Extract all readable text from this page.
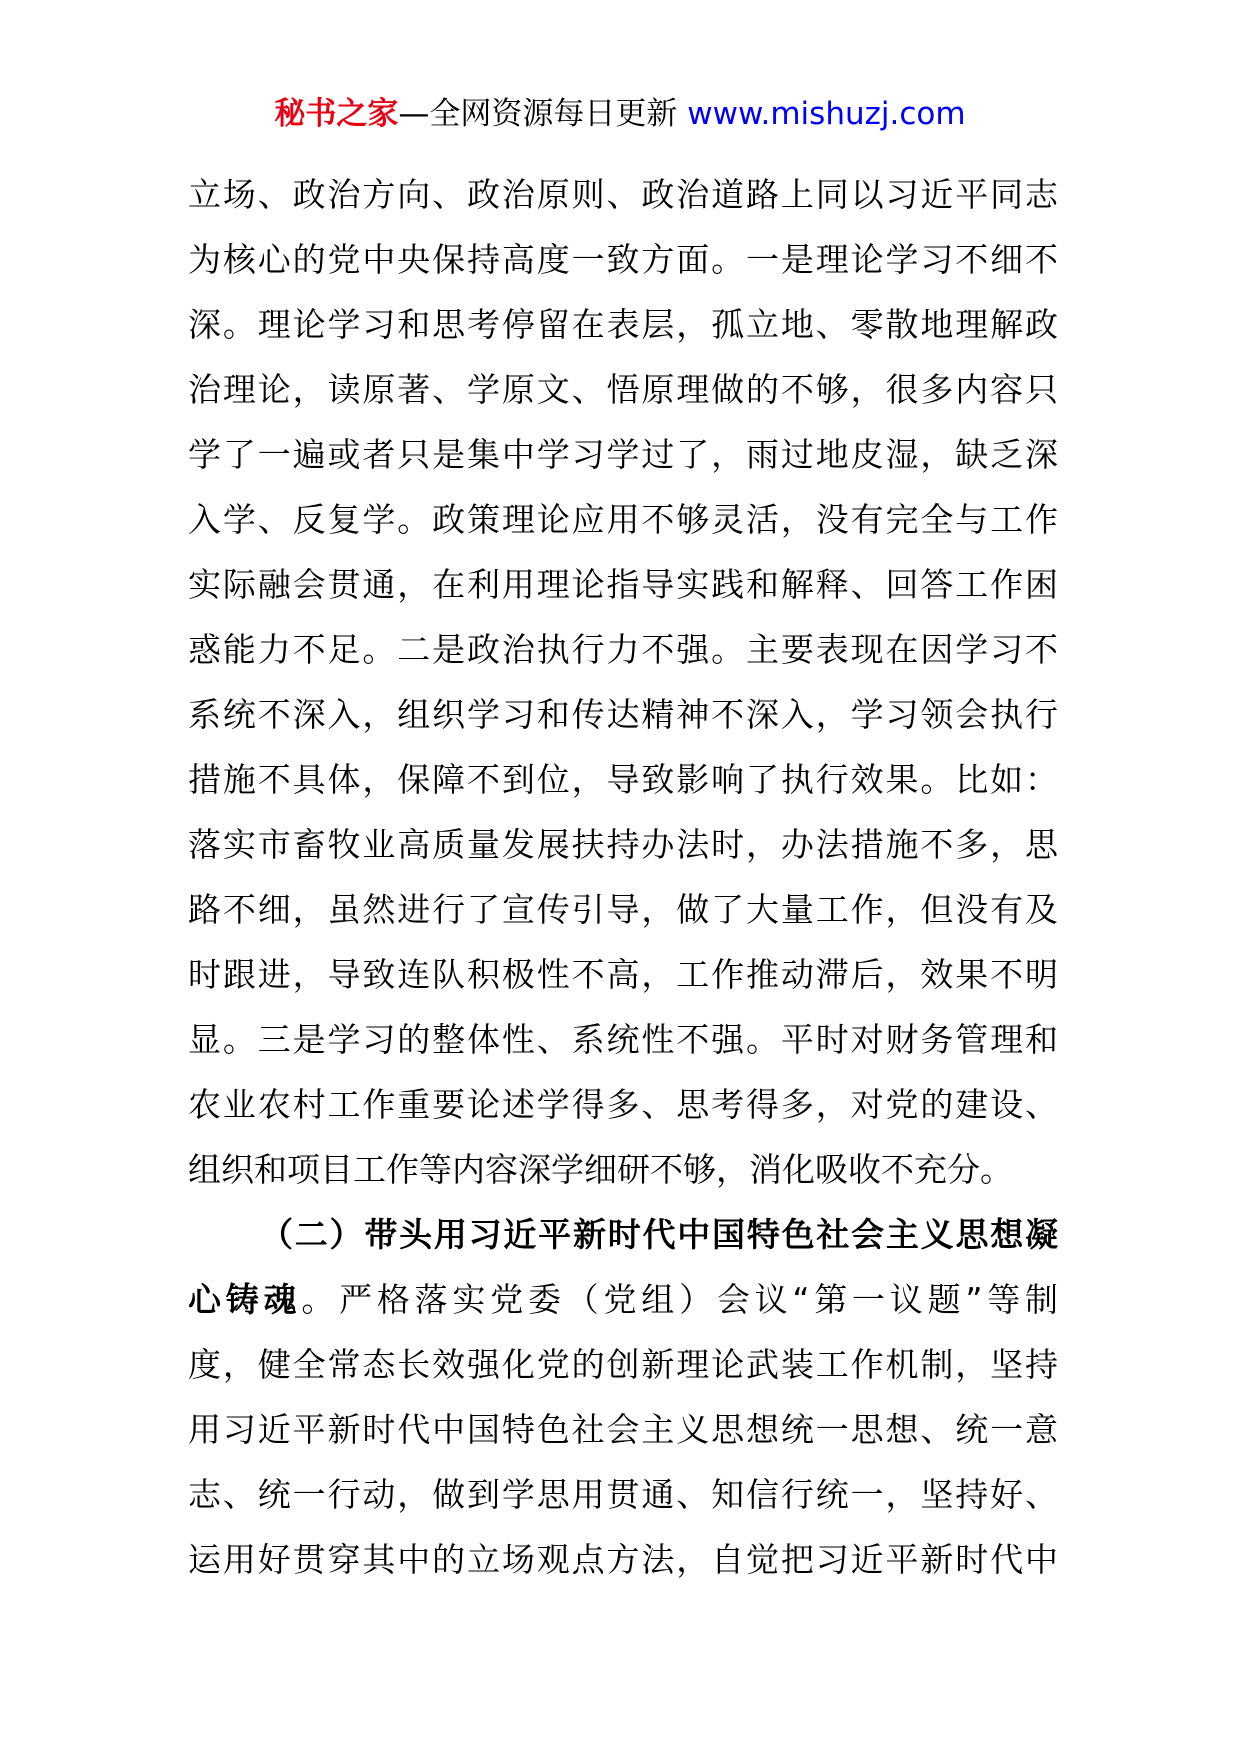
秘书之家—全网资源每日更新 www.mishuzj.com
立场、政治方向、政治原则、政治道路上同以习近平同志
为核心的党中央保持高度一致方面。一是理论学习不细不
深。理论学习和思考停留在表层，孤立地、零散地理解政
治理论，读原著、学原文、悟原理做的不够，很多内容只
学了一遍或者只是集中学习学过了，雨过地皮湿，缺乏深
入学、反复学。政策理论应用不够灵活，没有完全与工作
实际融会贯通，在利用理论指导实践和解释、回答工作困
惑能力不足。二是政治执行力不强。主要表现在因学习不
系统不深入，组织学习和传达精神不深入，学习领会执行
措施不具体，保障不到位，导致影响了执行效果。比如：
落实市畜牧业高质量发展扶持办法时，办法措施不多，思
路不细，虽然进行了宣传引导，做了大量工作，但没有及
时跟进，导致连队积极性不高，工作推动滞后，效果不明
显。三是学习的整体性、系统性不强。平时对财务管理和
农业农村工作重要论述学得多、思考得多，对党的建设、
组织和项目工作等内容深学细研不够，消化吸收不充分。
（二）带头用习近平新时代中国特色社会主义思想凝
心铸魂。严格落实党委（党组）会议“第一议题”等制
度，健全常态长效强化党的创新理论武装工作机制，坚持
用习近平新时代中国特色社会主义思想统一思想、统一意
志、统一行动，做到学思用贯通、知信行统一，坚持好、
运用好贯穿其中的立场观点方法，自觉把习近平新时代中
